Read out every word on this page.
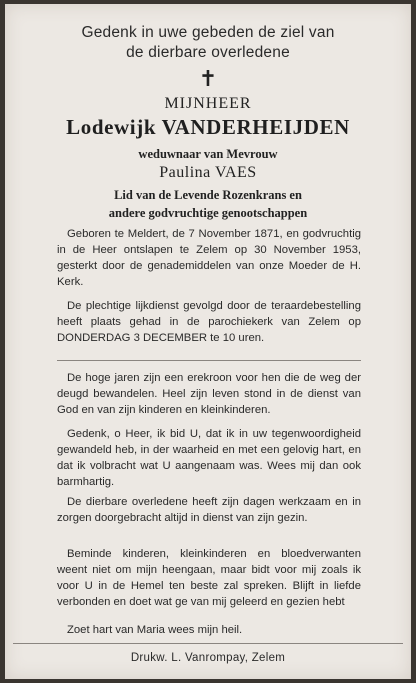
Gedenk in uwe gebeden de ziel van
de dierbare overledene
✝
MIJNHEER
Lodewijk VANDERHEIJDEN
weduwnaar van Mevrouw
Paulina VAES
Lid van de Levende Rozenkrans en andere godvruchtige genootschappen
Geboren te Meldert, de 7 November 1871, en godvruchtig in de Heer ontslapen te Zelem op 30 November 1953, gesterkt door de genademiddelen van onze Moeder de H. Kerk.
De plechtige lijkdienst gevolgd door de teraardebestelling heeft plaats gehad in de parochiekerk van Zelem op DONDERDAG 3 DECEMBER te 10 uren.
De hoge jaren zijn een erekroon voor hen die de weg der deugd bewandelen. Heel zijn leven stond in de dienst van God en van zijn kinderen en kleinkinderen.
Gedenk, o Heer, ik bid U, dat ik in uw tegenwoordigheid gewandeld heb, in der waarheid en met een gelovig hart, en dat ik volbracht wat U aangenaam was. Wees mij dan ook barmhartig.
De dierbare overledene heeft zijn dagen werkzaam en in zorgen doorgebracht altijd in dienst van zijn gezin.
Beminde kinderen, kleinkinderen en bloedverwanten weent niet om mijn heengaan, maar bidt voor mij zoals ik voor U in de Hemel ten beste zal spreken. Blijft in liefde verbonden en doet wat ge van mij geleerd en gezien hebt
Zoet hart van Maria wees mijn heil.
Drukw. L. Vanrompay, Zelem
